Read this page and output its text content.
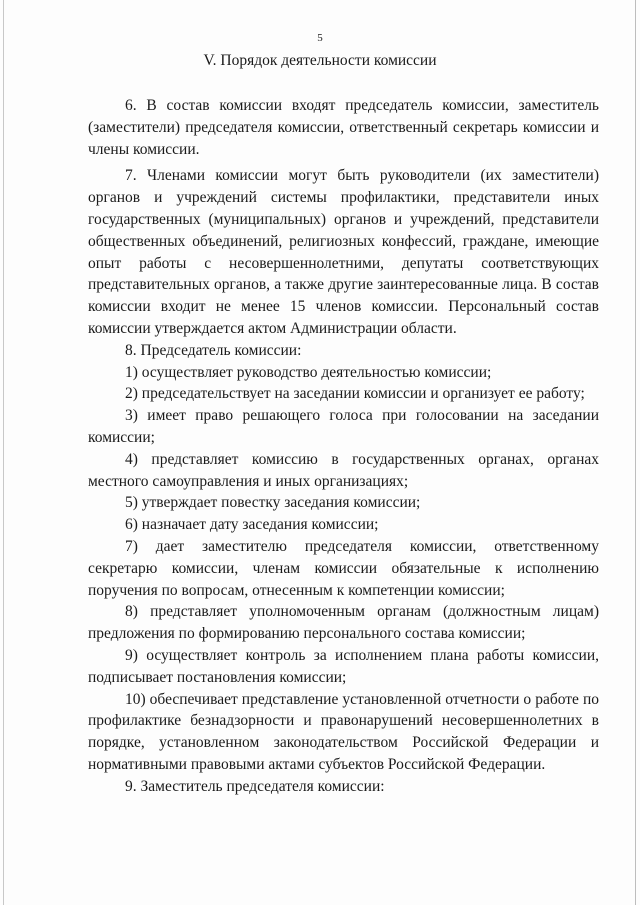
5
V. Порядок деятельности комиссии

6. В состав комиссии входят председатель комиссии, заместитель (заместители) председателя комиссии, ответственный секретарь комиссии и члены комиссии.

7. Членами комиссии могут быть руководители (их заместители) органов и учреждений системы профилактики, представители иных государственных (муниципальных) органов и учреждений, представители общественных объединений, религиозных конфессий, граждане, имеющие опыт работы с несовершеннолетними, депутаты соответствующих представительных органов, а также другие заинтересованные лица. В состав комиссии входит не менее 15 членов комиссии. Персональный состав комиссии утверждается актом Администрации области.

8. Председатель комиссии:

1) осуществляет руководство деятельностью комиссии;

2) председательствует на заседании комиссии и организует ее работу;

3) имеет право решающего голоса при голосовании на заседании комиссии;

4) представляет комиссию в государственных органах, органах местного самоуправления и иных организациях;

5) утверждает повестку заседания комиссии;

6) назначает дату заседания комиссии;

7) дает заместителю председателя комиссии, ответственному секретарю комиссии, членам комиссии обязательные к исполнению поручения по вопросам, отнесенным к компетенции комиссии;

8) представляет уполномоченным органам (должностным лицам) предложения по формированию персонального состава комиссии;

9) осуществляет контроль за исполнением плана работы комиссии, подписывает постановления комиссии;

10) обеспечивает представление установленной отчетности о работе по профилактике безнадзорности и правонарушений несовершеннолетних в порядке, установленном законодательством Российской Федерации и нормативными правовыми актами субъектов Российской Федерации.

9. Заместитель председателя комиссии:
